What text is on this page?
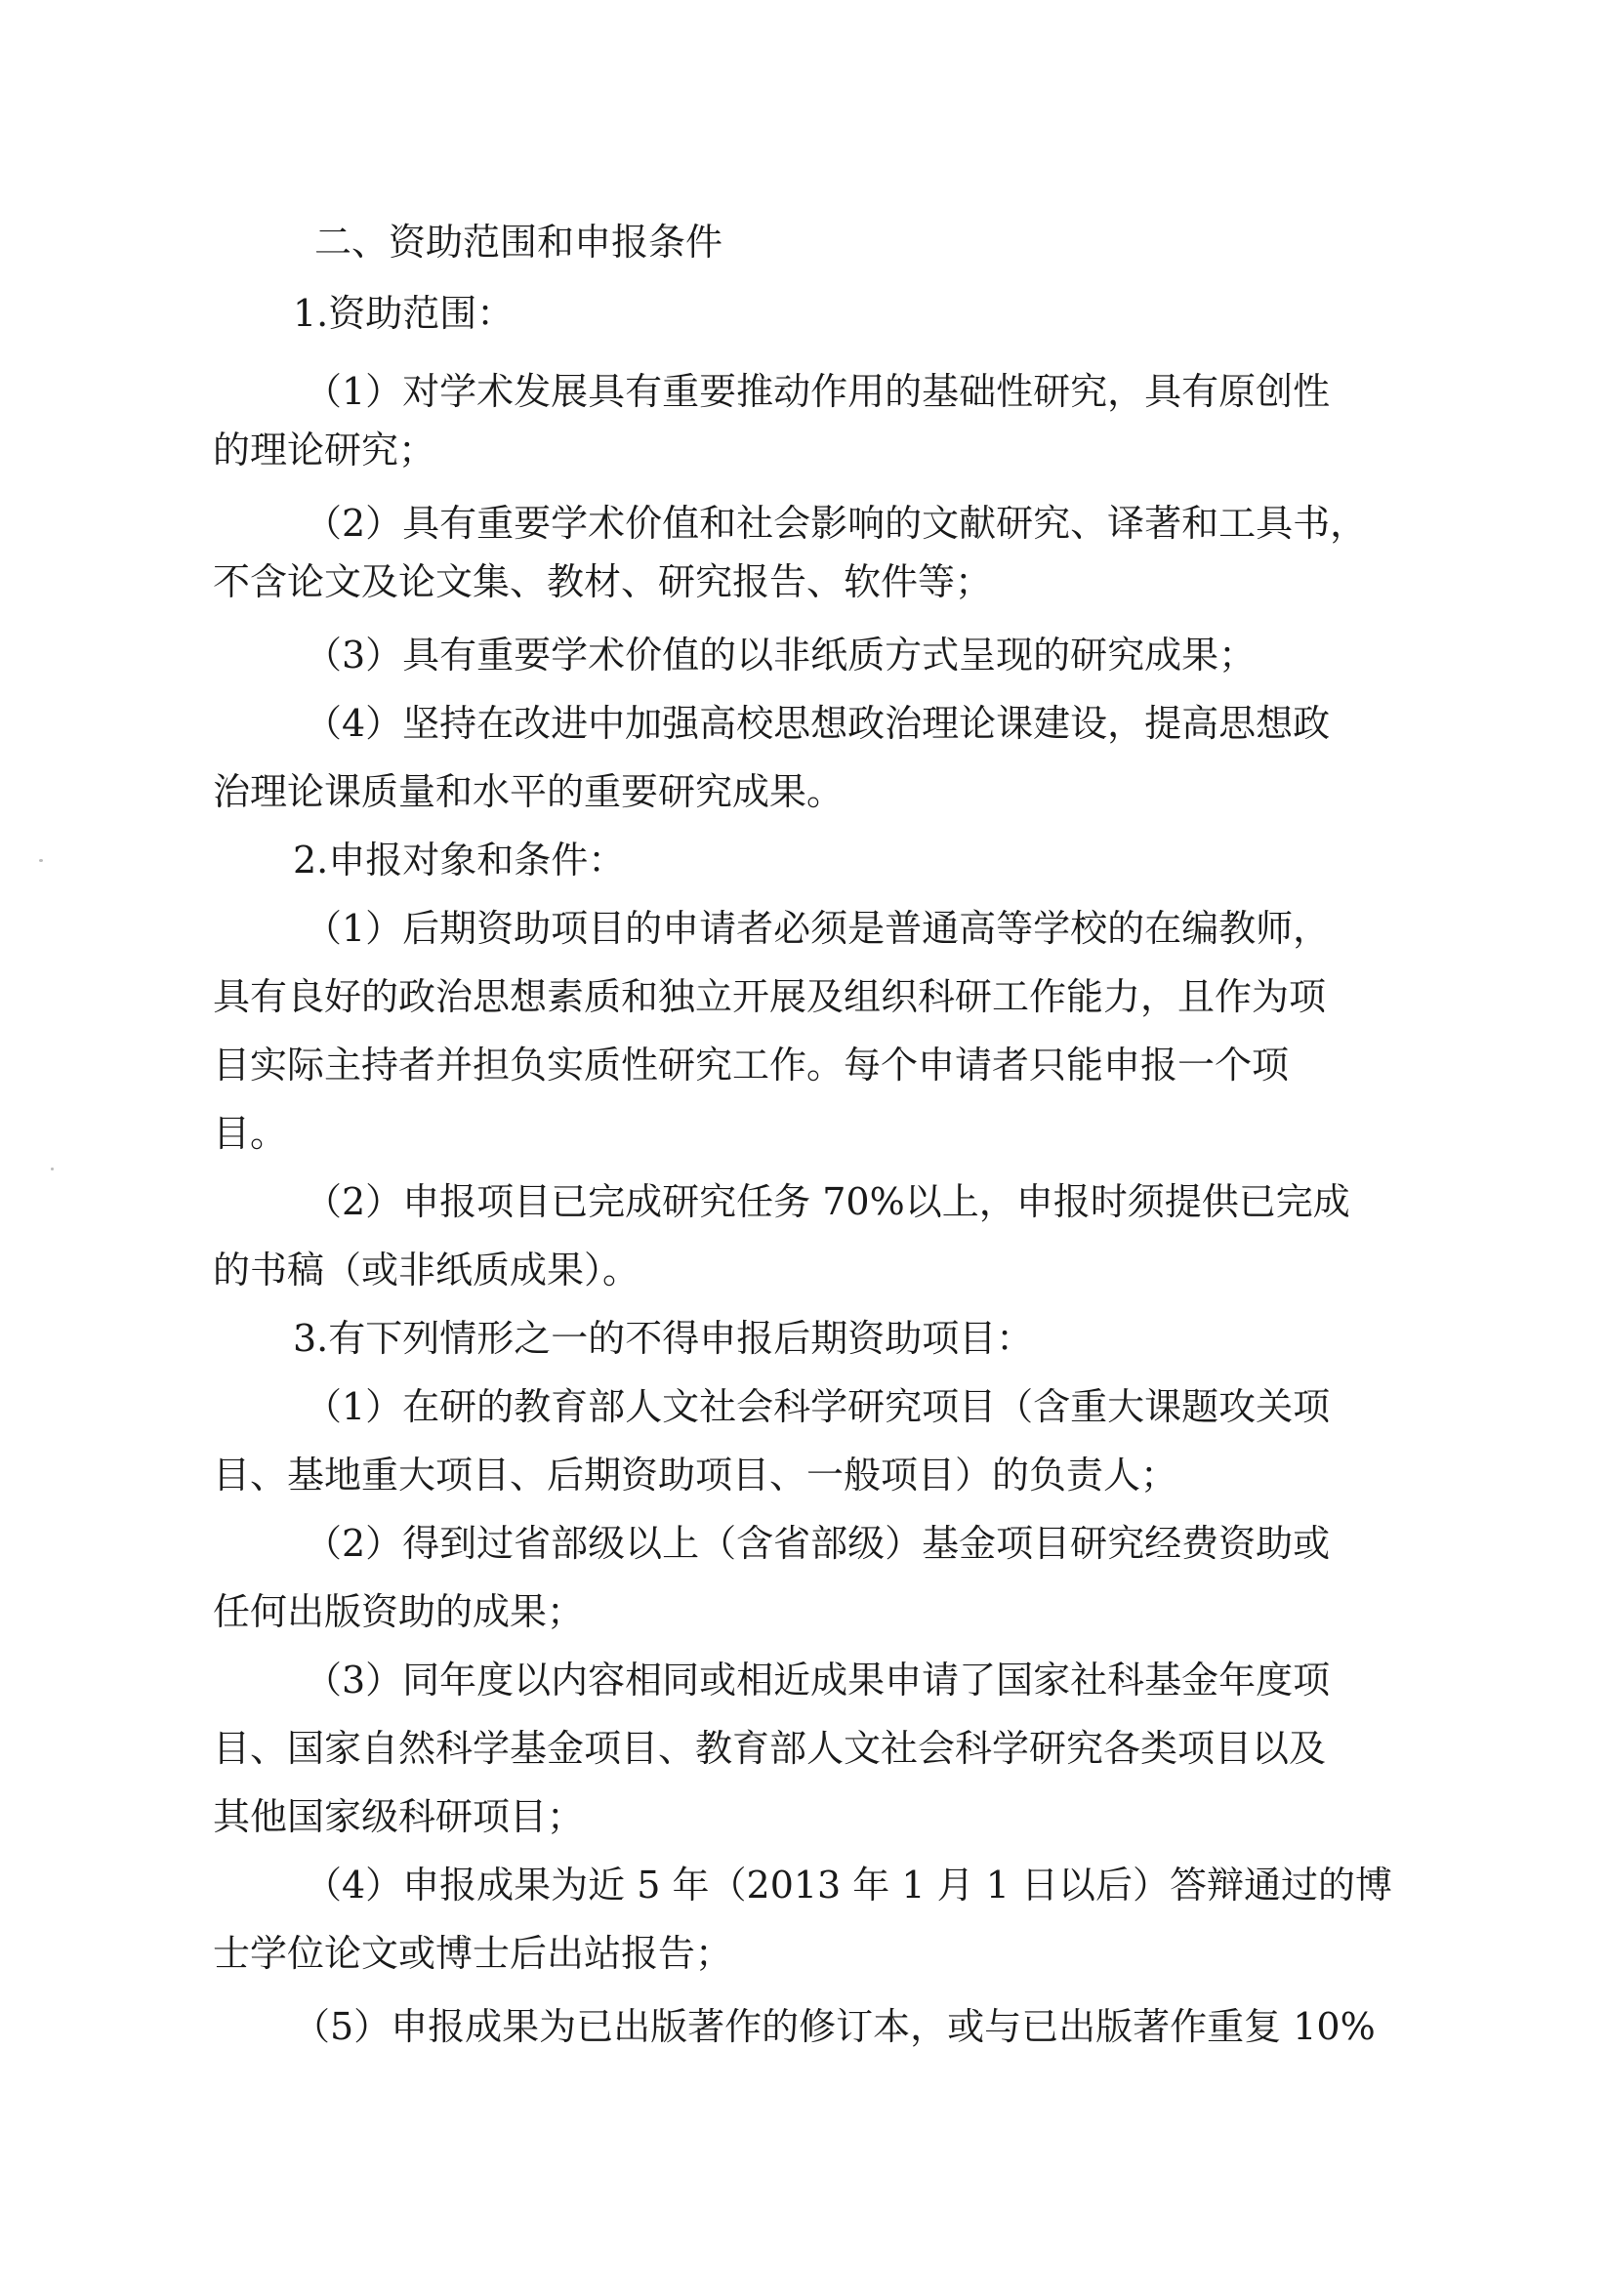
二、资助范围和申报条件
1.资助范围：
（1）对学术发展具有重要推动作用的基础性研究，具有原创性
的理论研究；
（2）具有重要学术价值和社会影响的文献研究、译著和工具书，
不含论文及论文集、教材、研究报告、软件等；
（3）具有重要学术价值的以非纸质方式呈现的研究成果；
（4）坚持在改进中加强高校思想政治理论课建设，提高思想政
治理论课质量和水平的重要研究成果。
2.申报对象和条件：
（1）后期资助项目的申请者必须是普通高等学校的在编教师，
具有良好的政治思想素质和独立开展及组织科研工作能力，且作为项
目实际主持者并担负实质性研究工作。每个申请者只能申报一个项
目。
（2）申报项目已完成研究任务 70%以上，申报时须提供已完成
的书稿（或非纸质成果）。
3.有下列情形之一的不得申报后期资助项目：
（1）在研的教育部人文社会科学研究项目（含重大课题攻关项
目、基地重大项目、后期资助项目、一般项目）的负责人；
（2）得到过省部级以上（含省部级）基金项目研究经费资助或
任何出版资助的成果；
（3）同年度以内容相同或相近成果申请了国家社科基金年度项
目、国家自然科学基金项目、教育部人文社会科学研究各类项目以及
其他国家级科研项目；
（4）申报成果为近 5 年（2013 年 1 月 1 日以后）答辩通过的博
士学位论文或博士后出站报告；
（5）申报成果为已出版著作的修订本，或与已出版著作重复 10%
